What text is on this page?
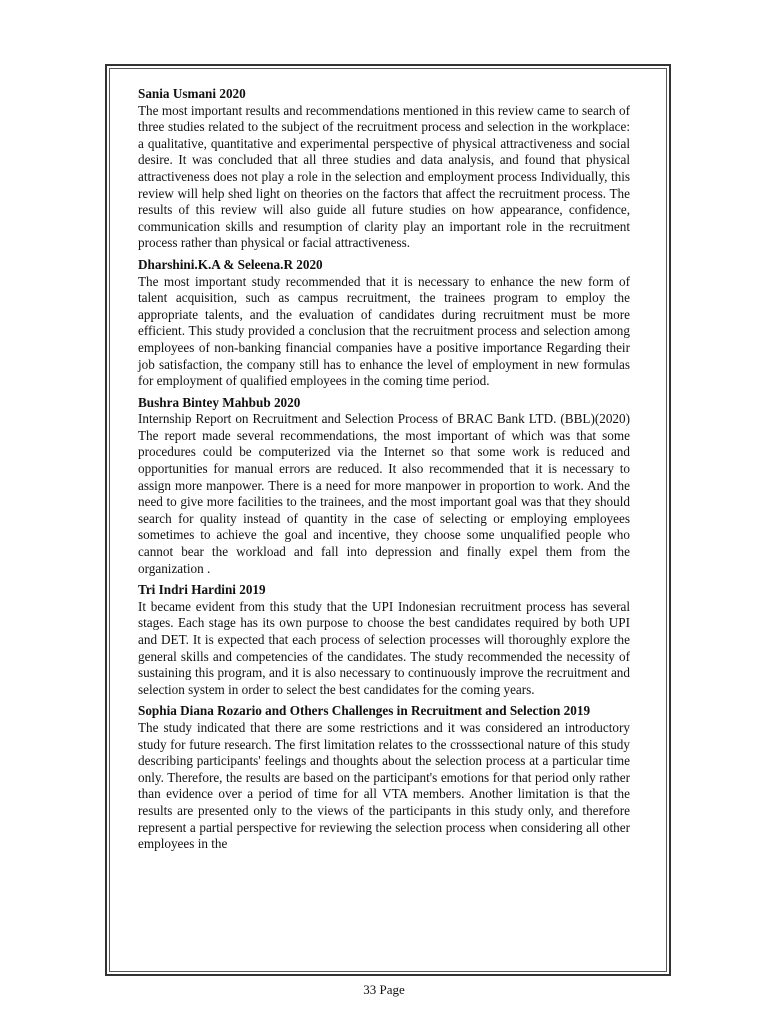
Sania Usmani 2020

The most important results and recommendations mentioned in this review came to search of three studies related to the subject of the recruitment process and selection in the workplace: a qualitative, quantitative and experimental perspective of physical attractiveness and social desire. It was concluded that all three studies and data analysis, and found that physical attractiveness does not play a role in the selection and employment process Individually, this review will help shed light on theories on the factors that affect the recruitment process. The results of this review will also guide all future studies on how appearance, confidence, communication skills and resumption of clarity play an important role in the recruitment process rather than physical or facial attractiveness.

Dharshini.K.A & Seleena.R 2020

The most important study recommended that it is necessary to enhance the new form of talent acquisition, such as campus recruitment, the trainees program to employ the appropriate talents, and the evaluation of candidates during recruitment must be more efficient. This study provided a conclusion that the recruitment process and selection among employees of non-banking financial companies have a positive importance Regarding their job satisfaction, the company still has to enhance the level of employment in new formulas for employment of qualified employees in the coming time period.

Bushra Bintey Mahbub 2020

Internship Report on Recruitment and Selection Process of BRAC Bank LTD. (BBL)(2020) The report made several recommendations, the most important of which was that some procedures could be computerized via the Internet so that some work is reduced and opportunities for manual errors are reduced. It also recommended that it is necessary to assign more manpower. There is a need for more manpower in proportion to work. And the need to give more facilities to the trainees, and the most important goal was that they should search for quality instead of quantity in the case of selecting or employing employees sometimes to achieve the goal and incentive, they choose some unqualified people who cannot bear the workload and fall into depression and finally expel them from the organization .

Tri Indri Hardini 2019

It became evident from this study that the UPI Indonesian recruitment process has several stages. Each stage has its own purpose to choose the best candidates required by both UPI and DET. It is expected that each process of selection processes will thoroughly explore the general skills and competencies of the candidates. The study recommended the necessity of sustaining this program, and it is also necessary to continuously improve the recruitment and selection system in order to select the best candidates for the coming years.

Sophia Diana Rozario and Others Challenges in Recruitment and Selection 2019

The study indicated that there are some restrictions and it was considered an introductory study for future research. The first limitation relates to the crosssectional nature of this study describing participants' feelings and thoughts about the selection process at a particular time only. Therefore, the results are based on the participant's emotions for that period only rather than evidence over a period of time for all VTA members. Another limitation is that the results are presented only to the views of the participants in this study only, and therefore represent a partial perspective for reviewing the selection process when considering all other employees in the

33 Page
